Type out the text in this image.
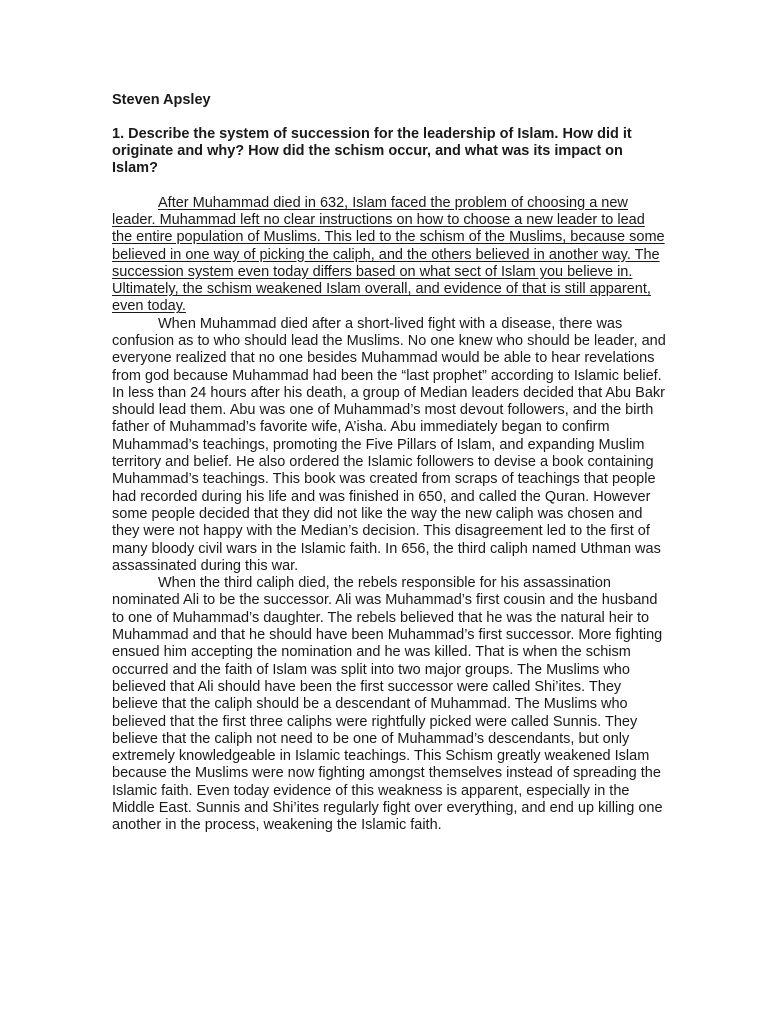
Steven Apsley

1. Describe the system of succession for the leadership of Islam. How did it originate and why? How did the schism occur, and what was its impact on Islam?

After Muhammad died in 632, Islam faced the problem of choosing a new leader. Muhammad left no clear instructions on how to choose a new leader to lead the entire population of Muslims. This led to the schism of the Muslims, because some believed in one way of picking the caliph, and the others believed in another way. The succession system even today differs based on what sect of Islam you believe in. Ultimately, the schism weakened Islam overall, and evidence of that is still apparent, even today.

When Muhammad died after a short-lived fight with a disease, there was confusion as to who should lead the Muslims. No one knew who should be leader, and everyone realized that no one besides Muhammad would be able to hear revelations from god because Muhammad had been the “last prophet” according to Islamic belief. In less than 24 hours after his death, a group of Median leaders decided that Abu Bakr should lead them. Abu was one of Muhammad’s most devout followers, and the birth father of Muhammad’s favorite wife, A’isha. Abu immediately began to confirm Muhammad’s teachings, promoting the Five Pillars of Islam, and expanding Muslim territory and belief. He also ordered the Islamic followers to devise a book containing Muhammad’s teachings. This book was created from scraps of teachings that people had recorded during his life and was finished in 650, and called the Quran. However some people decided that they did not like the way the new caliph was chosen and they were not happy with the Median’s decision. This disagreement led to the first of many bloody civil wars in the Islamic faith. In 656, the third caliph named Uthman was assassinated during this war.

When the third caliph died, the rebels responsible for his assassination nominated Ali to be the successor. Ali was Muhammad’s first cousin and the husband to one of Muhammad’s daughter. The rebels believed that he was the natural heir to Muhammad and that he should have been Muhammad’s first successor. More fighting ensued him accepting the nomination and he was killed. That is when the schism occurred and the faith of Islam was split into two major groups. The Muslims who believed that Ali should have been the first successor were called Shi’ites. They believe that the caliph should be a descendant of Muhammad. The Muslims who believed that the first three caliphs were rightfully picked were called Sunnis. They believe that the caliph not need to be one of Muhammad’s descendants, but only extremely knowledgeable in Islamic teachings. This Schism greatly weakened Islam because the Muslims were now fighting amongst themselves instead of spreading the Islamic faith. Even today evidence of this weakness is apparent, especially in the Middle East. Sunnis and Shi’ites regularly fight over everything, and end up killing one another in the process, weakening the Islamic faith.
